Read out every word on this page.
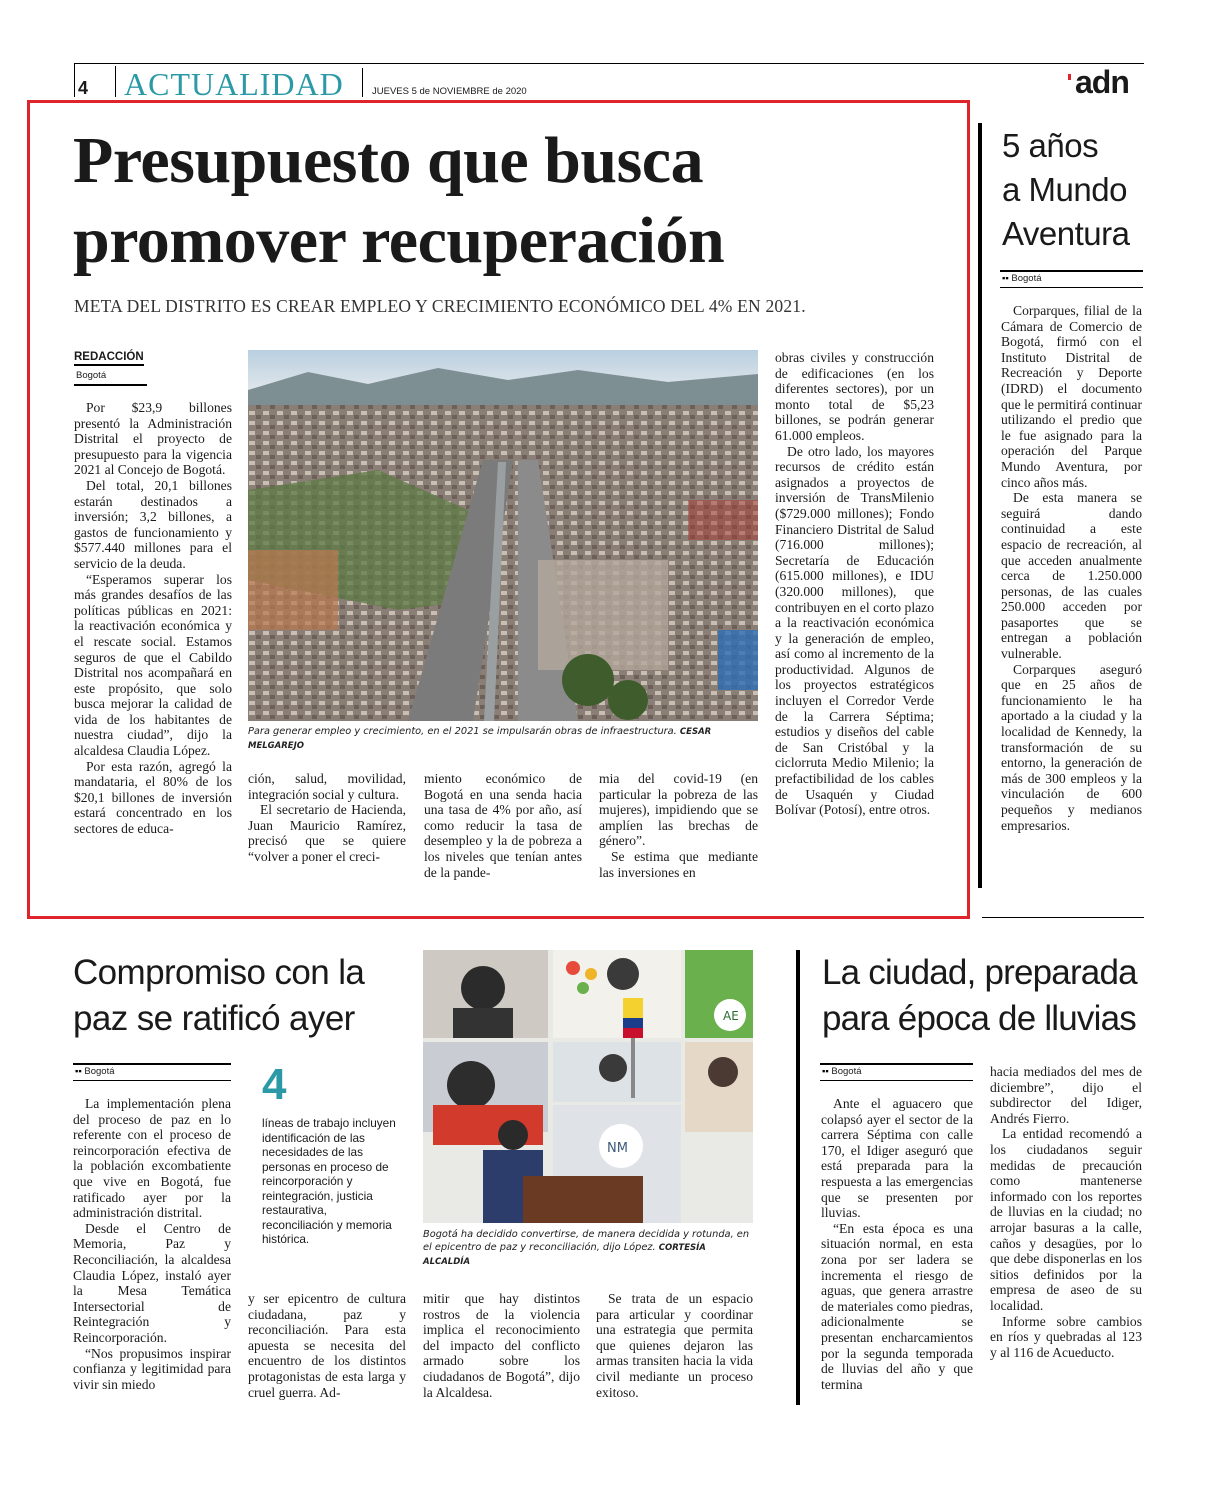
4 ACTUALIDAD	JUEVES 5 de NOVIEMBRE de 2020	adn
Presupuesto que busca
promover recuperación
META DEL DISTRITO ES CREAR EMPLEO Y CRECIMIENTO ECONÓMICO DEL 4% EN 2021.
REDACCIÓN
Bogotá

Por $23,9 billones presentó la Administración Distrital el proyecto de presupuesto para la vigencia 2021 al Concejo de Bogotá.

Del total, 20,1 billones estarán destinados a inversión; 3,2 billones, a gastos de funcionamiento y $577.440 millones para el servicio de la deuda.

“Esperamos superar los más grandes desafíos de las políticas públicas en 2021: la reactivación económica y el rescate social. Estamos seguros de que el Cabildo Distrital nos acompañará en este propósito, que solo busca mejorar la calidad de vida de los habitantes de nuestra ciudad”, dijo la alcaldesa Claudia López.

Por esta razón, agregó la mandataria, el 80% de los $20,1 billones de inversión estará concentrado en los sectores de educa-

Para generar empleo y crecimiento, en el 2021 se impulsarán obras de infraestructura. CESAR MELGAREJO

ción, salud, movilidad, integración social y cultura.

El secretario de Hacienda, Juan Mauricio Ramírez, precisó que se quiere “volver a poner el creci-

miento económico de Bogotá en una senda hacia una tasa de 4% por año, así como reducir la tasa de desempleo y la de pobreza a los niveles que tenían antes de la pande-

mia del covid-19 (en particular la pobreza de las mujeres), impidiendo que se amplíen las brechas de género”.

Se estima que mediante las inversiones en

obras civiles y construcción de edificaciones (en los diferentes sectores), por un monto total de $5,23 billones, se podrán generar 61.000 empleos.

De otro lado, los mayores recursos de crédito están asignados a proyectos de inversión de TransMilenio ($729.000 millones); Fondo Financiero Distrital de Salud (716.000 millones); Secretaría de Educación (615.000 millones), e IDU (320.000 millones), que contribuyen en el corto plazo a la reactivación económica y la generación de empleo, así como al incremento de la productividad. Algunos de los proyectos estratégicos incluyen el Corredor Verde de la Carrera Séptima; estudios y diseños del cable de San Cristóbal y la ciclorruta Medio Milenio; la prefactibilidad de los cables de Usaquén y Ciudad Bolívar (Potosí), entre otros.

5 años
a Mundo
Aventura
▪▪ Bogotá

Corparques, filial de la Cámara de Comercio de Bogotá, firmó con el Instituto Distrital de Recreación y Deporte (IDRD) el documento que le permitirá continuar utilizando el predio que le fue asignado para la operación del Parque Mundo Aventura, por cinco años más.

De esta manera se seguirá dando continuidad a este espacio de recreación, al que acceden anualmente cerca de 1.250.000 personas, de las cuales 250.000 acceden por pasaportes que se entregan a población vulnerable.

Corparques aseguró que en 25 años de funcionamiento le ha aportado a la ciudad y la localidad de Kennedy, la transformación de su entorno, la generación de más de 300 empleos y la vinculación de 600 pequeños y medianos empresarios.

Compromiso con la
paz se ratificó ayer
▪▪ Bogotá

La implementación plena del proceso de paz en lo referente con el proceso de reincorporación efectiva de la población excombatiente que vive en Bogotá, fue ratificado ayer por la administración distrital.

Desde el Centro de Memoria, Paz y Reconciliación, la alcaldesa Claudia López, instaló ayer la Mesa Temática Intersectorial de Reintegración y Reincorporación.

“Nos propusimos inspirar confianza y legitimidad para vivir sin miedo

4
líneas de trabajo incluyen identificación de las necesidades de las personas en proceso de reincorporación y reintegración, justicia restaurativa, reconciliación y memoria histórica.
AE
NM
Bogotá ha decidido convertirse, de manera decidida y rotunda, en el epicentro de paz y reconciliación, dijo López. CORTESÍA ALCALDÍA

y ser epicentro de cultura ciudadana, paz y reconciliación. Para esta apuesta se necesita del encuentro de los distintos protagonistas de esta larga y cruel guerra. Ad-

mitir que hay distintos rostros de la violencia implica el reconocimiento del impacto del conflicto armado sobre los ciudadanos de Bogotá”, dijo la Alcaldesa.

Se trata de un espacio para articular y coordinar una estrategia que permita que quienes dejaron las armas transiten hacia la vida civil mediante un proceso exitoso.

La ciudad, preparada
para época de lluvias
▪▪ Bogotá

Ante el aguacero que colapsó ayer el sector de la carrera Séptima con calle 170, el Idiger aseguró que está preparada para la respuesta a las emergencias que se presenten por lluvias.

“En esta época es una situación normal, en esta zona por ser ladera se incrementa el riesgo de aguas, que genera arrastre de materiales como piedras, adicionalmente se presentan encharcamientos por la segunda temporada de lluvias del año y que termina

hacia mediados del mes de diciembre”, dijo el subdirector del Idiger, Andrés Fierro.

La entidad recomendó a los ciudadanos seguir medidas de precaución como mantenerse informado con los reportes de lluvias en la ciudad; no arrojar basuras a la calle, caños y desagües, por lo que debe disponerlas en los sitios definidos por la empresa de aseo de su localidad.

Informe sobre cambios en ríos y quebradas al 123 y al 116 de Acueducto.
